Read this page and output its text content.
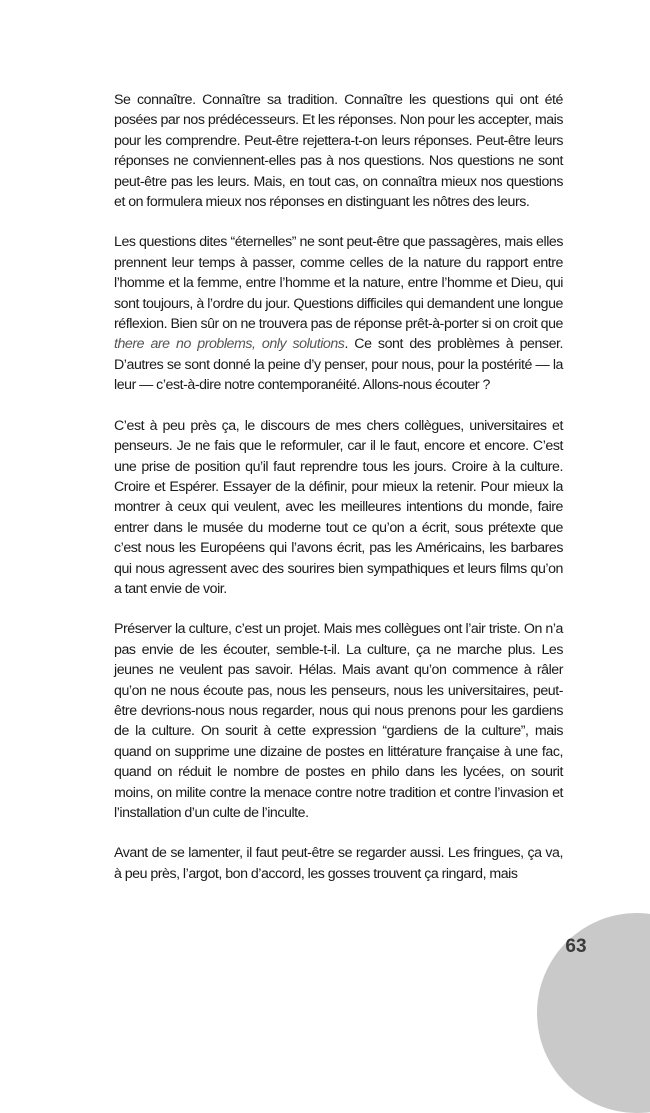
Se connaître. Connaître sa tradition. Connaître les questions qui ont été posées par nos prédécesseurs. Et les réponses. Non pour les accepter, mais pour les comprendre. Peut-être rejettera-t-on leurs réponses. Peut-être leurs réponses ne conviennent-elles pas à nos questions. Nos questions ne sont peut-être pas les leurs. Mais, en tout cas, on connaîtra mieux nos questions et on formulera mieux nos réponses en distinguant les nôtres des leurs.

Les questions dites “éternelles” ne sont peut-être que passagères, mais elles prennent leur temps à passer, comme celles de la nature du rapport entre l’homme et la femme, entre l’homme et la nature, entre l’homme et Dieu, qui sont toujours, à l’ordre du jour. Questions difficiles qui demandent une longue réflexion. Bien sûr on ne trouvera pas de réponse prêt-à-porter si on croit que there are no problems, only solutions. Ce sont des problèmes à penser. D’autres se sont donné la peine d’y penser, pour nous, pour la postérité — la leur — c’est-à-dire notre contemporanéité. Allons-nous écouter ?

C’est à peu près ça, le discours de mes chers collègues, universitaires et penseurs. Je ne fais que le reformuler, car il le faut, encore et encore. C’est une prise de position qu’il faut reprendre tous les jours. Croire à la culture. Croire et Espérer. Essayer de la définir, pour mieux la retenir. Pour mieux la montrer à ceux qui veulent, avec les meilleures intentions du monde, faire entrer dans le musée du moderne tout ce qu’on a écrit, sous prétexte que c’est nous les Européens qui l’avons écrit, pas les Américains, les barbares qui nous agressent avec des sourires bien sympathiques et leurs films qu’on a tant envie de voir.

Préserver la culture, c’est un projet. Mais mes collègues ont l’air triste. On n’a pas envie de les écouter, semble-t-il. La culture, ça ne marche plus. Les jeunes ne veulent pas savoir. Hélas. Mais avant qu’on commence à râler qu’on ne nous écoute pas, nous les penseurs, nous les universitaires, peut-être devrions-nous nous regarder, nous qui nous prenons pour les gardiens de la culture. On sourit à cette expression “gardiens de la culture”, mais quand on supprime une dizaine de postes en littérature française à une fac, quand on réduit le nombre de postes en philo dans les lycées, on sourit moins, on milite contre la menace contre notre tradition et contre l’invasion et l’installation d’un culte de l’inculte.

Avant de se lamenter, il faut peut-être se regarder aussi. Les fringues, ça va, à peu près, l’argot, bon d’accord, les gosses trouvent ça ringard, mais

63
